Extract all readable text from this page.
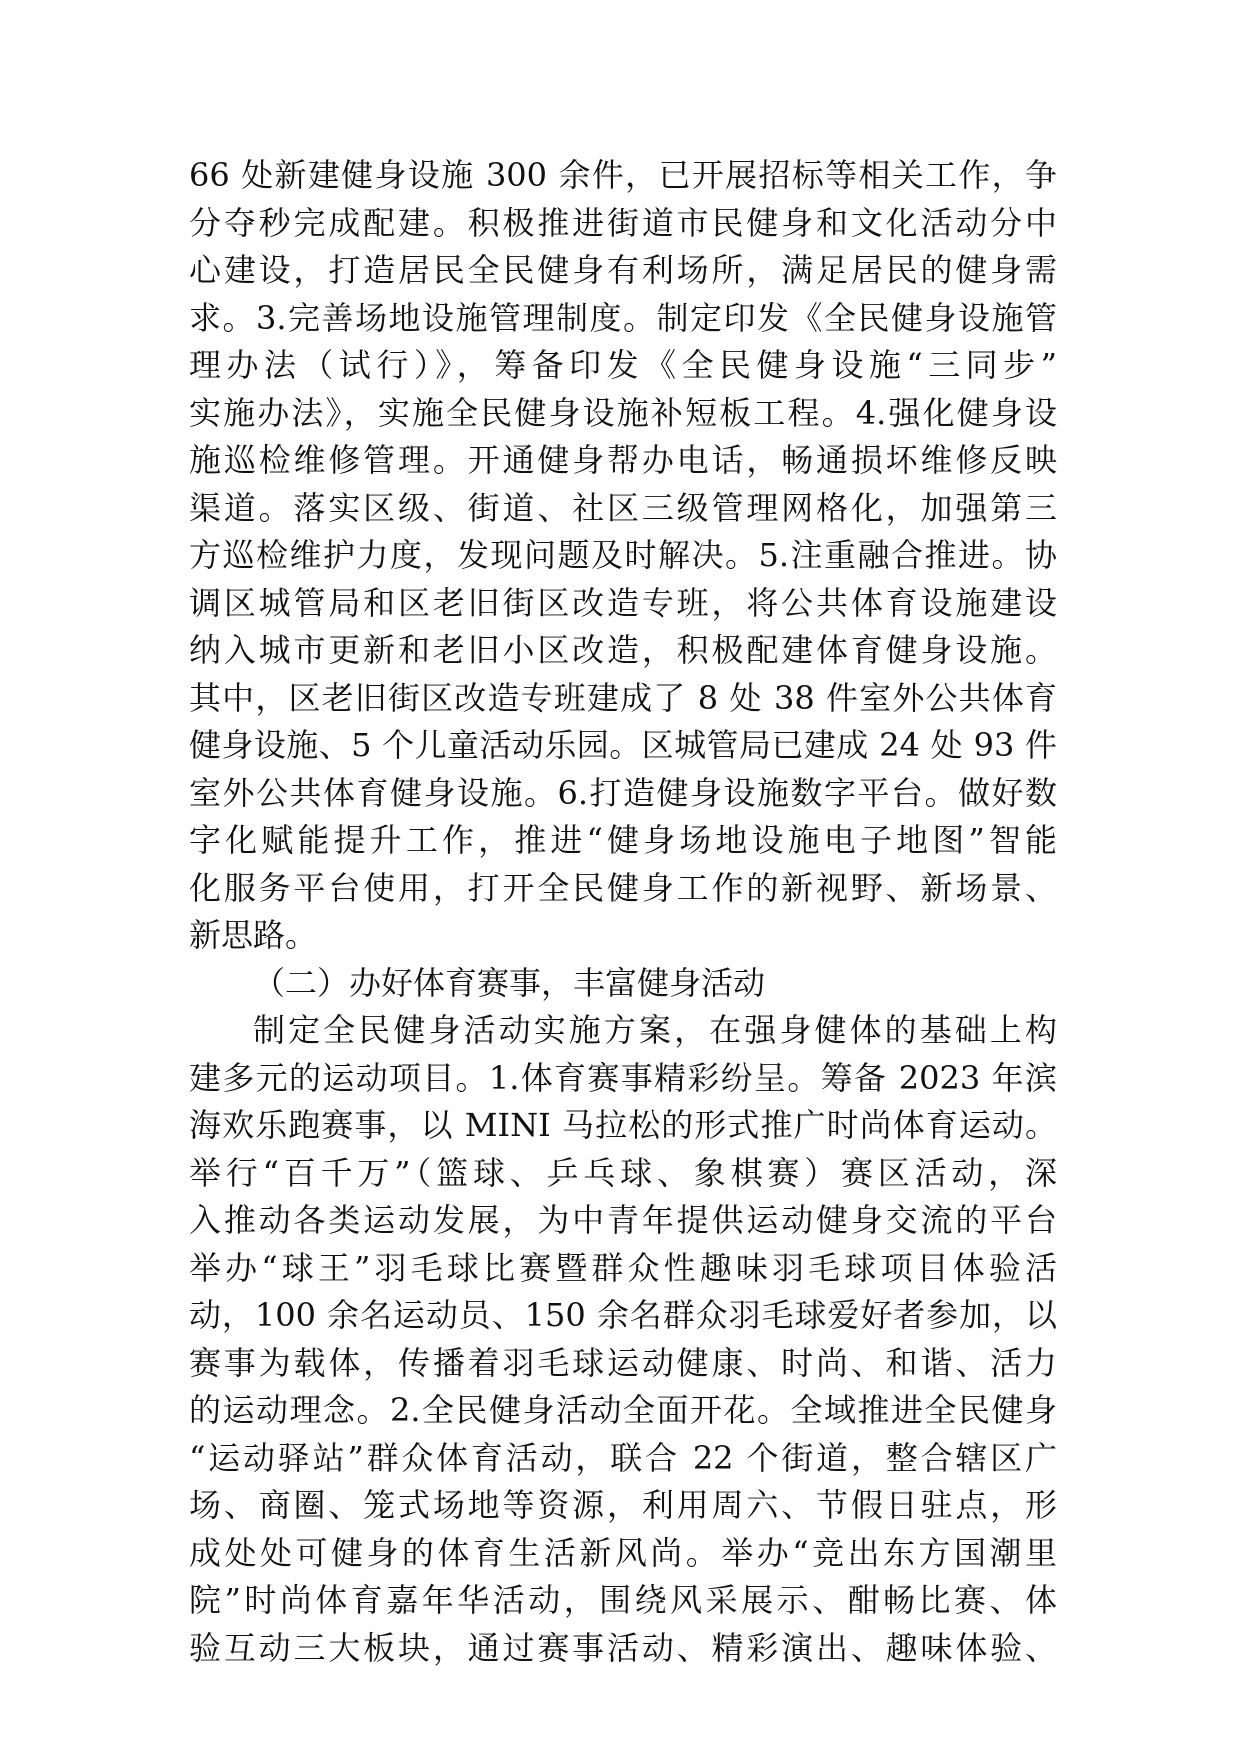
66 处新建健身设施 300 余件，已开展招标等相关工作，争
分夺秒完成配建。积极推进街道市民健身和文化活动分中
心建设，打造居民全民健身有利场所，满足居民的健身需
求。3.完善场地设施管理制度。制定印发《全民健身设施管
理办法（试行）》，筹备印发《全民健身设施“三同步”
实施办法》，实施全民健身设施补短板工程。4.强化健身设
施巡检维修管理。开通健身帮办电话，畅通损坏维修反映
渠道。落实区级、街道、社区三级管理网格化，加强第三
方巡检维护力度，发现问题及时解决。5.注重融合推进。协
调区城管局和区老旧街区改造专班，将公共体育设施建设
纳入城市更新和老旧小区改造，积极配建体育健身设施。
其中，区老旧街区改造专班建成了 8 处 38 件室外公共体育
健身设施、5 个儿童活动乐园。区城管局已建成 24 处 93 件
室外公共体育健身设施。6.打造健身设施数字平台。做好数
字化赋能提升工作，推进“健身场地设施电子地图”智能
化服务平台使用，打开全民健身工作的新视野、新场景、
新思路。
（二）办好体育赛事，丰富健身活动
制定全民健身活动实施方案，在强身健体的基础上构
建多元的运动项目。1.体育赛事精彩纷呈。筹备 2023 年滨
海欢乐跑赛事，以 MINI 马拉松的形式推广时尚体育运动。
举行“百千万”（篮球、乒乓球、象棋赛）赛区活动，深
入推动各类运动发展，为中青年提供运动健身交流的平台
举办“球王”羽毛球比赛暨群众性趣味羽毛球项目体验活
动，100 余名运动员、150 余名群众羽毛球爱好者参加，以
赛事为载体，传播着羽毛球运动健康、时尚、和谐、活力
的运动理念。2.全民健身活动全面开花。全域推进全民健身
“运动驿站”群众体育活动，联合 22 个街道，整合辖区广
场、商圈、笼式场地等资源，利用周六、节假日驻点，形
成处处可健身的体育生活新风尚。举办“竞出东方国潮里
院”时尚体育嘉年华活动，围绕风采展示、酣畅比赛、体
验互动三大板块，通过赛事活动、精彩演出、趣味体验、
